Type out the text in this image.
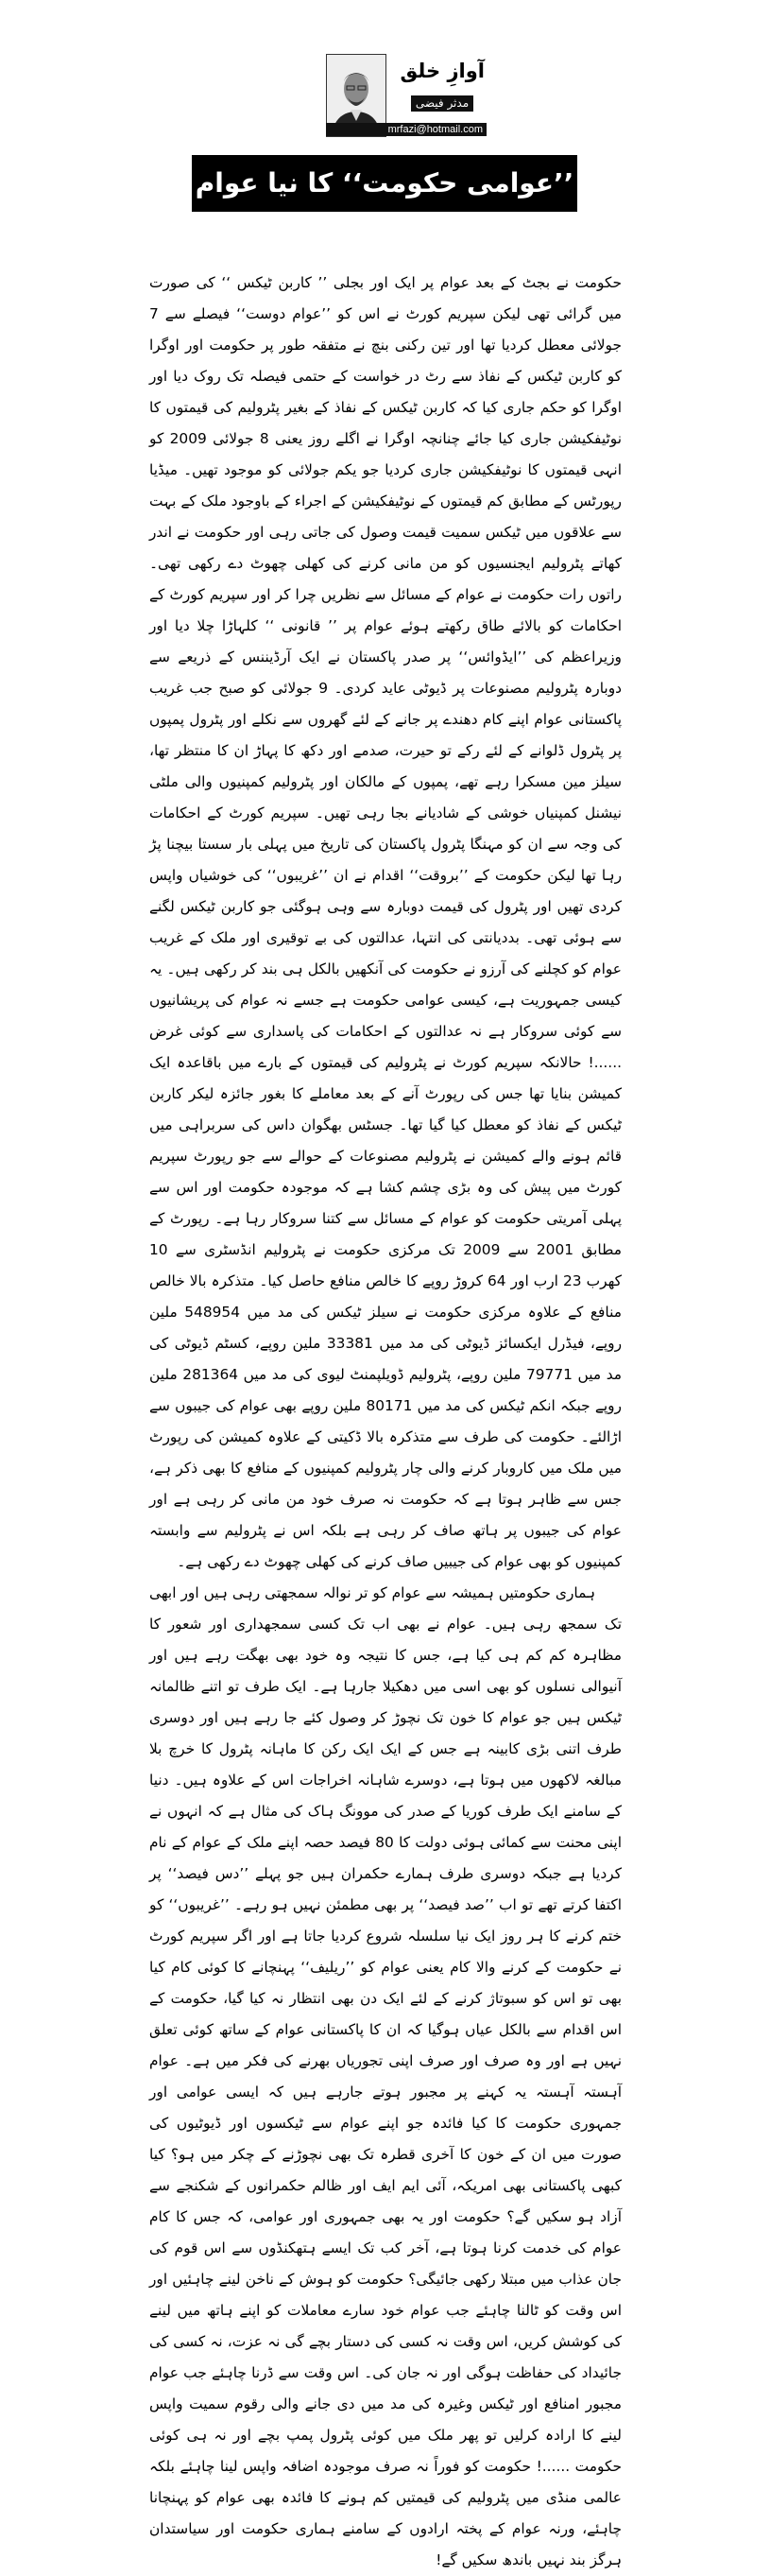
آوازِ خلق
مدثر فیضی
mrfazi@hotmail.com
’’عوامی حکومت‘‘ کا نیا عوام کُش اقدام!

حکومت نے بجٹ کے بعد عوام پر ایک اور بجلی ’’ کاربن ٹیکس ‘‘ کی صورت میں گرائی تھی لیکن سپریم کورٹ نے اس کو ’’عوام دوست‘‘ فیصلے سے 7 جولائی معطل کردیا تھا اور تین رکنی بنچ نے متفقہ طور پر حکومت اور اوگرا کو کاربن ٹیکس کے نفاذ سے رٹ در خواست کے حتمی فیصلہ تک روک دیا اور اوگرا کو حکم جاری کیا کہ کاربن ٹیکس کے نفاذ کے بغیر پٹرولیم کی قیمتوں کا نوٹیفکیشن جاری کیا جائے چنانچہ اوگرا نے اگلے روز یعنی 8 جولائی 2009 کو انہی قیمتوں کا نوٹیفکیشن جاری کردیا جو یکم جولائی کو موجود تھیں۔ میڈیا رپورٹس کے مطابق کم قیمتوں کے نوٹیفکیشن کے اجراء کے باوجود ملک کے بہت سے علاقوں میں ٹیکس سمیت قیمت وصول کی جاتی رہی اور حکومت نے اندر کھاتے پٹرولیم ایجنسیوں کو من مانی کرنے کی کھلی چھوٹ دے رکھی تھی۔ راتوں رات حکومت نے عوام کے مسائل سے نظریں چرا کر اور سپریم کورٹ کے احکامات کو بالائے طاق رکھتے ہوئے عوام پر ’’ قانونی ‘‘ کلہاڑا چلا دیا اور وزیراعظم کی ’’ایڈوائس‘‘ پر صدر پاکستان نے ایک آرڈیننس کے ذریعے سے دوبارہ پٹرولیم مصنوعات پر ڈیوٹی عاید کردی۔ 9 جولائی کو صبح جب غریب پاکستانی عوام اپنے کام دھندے پر جانے کے لئے گھروں سے نکلے اور پٹرول پمپوں پر پٹرول ڈلوانے کے لئے رکے تو حیرت، صدمے اور دکھ کا پہاڑ ان کا منتظر تھا، سیلز مین مسکرا رہے تھے، پمپوں کے مالکان اور پٹرولیم کمپنیوں والی ملٹی نیشنل کمپنیاں خوشی کے شادیانے بجا رہی تھیں۔ سپریم کورٹ کے احکامات کی وجہ سے ان کو مہنگا پٹرول پاکستان کی تاریخ میں پہلی بار سستا بیچنا پڑ رہا تھا لیکن حکومت کے ’’بروقت‘‘ اقدام نے ان ’’غریبوں‘‘ کی خوشیاں واپس کردی تھیں اور پٹرول کی قیمت دوبارہ سے وہی ہوگئی جو کاربن ٹیکس لگنے سے ہوئی تھی۔ بددیانتی کی انتہا، عدالتوں کی بے توقیری اور ملک کے غریب عوام کو کچلنے کی آرزو نے حکومت کی آنکھیں بالکل ہی بند کر رکھی ہیں۔ یہ کیسی جمہوریت ہے، کیسی عوامی حکومت ہے جسے نہ عوام کی پریشانیوں سے کوئی سروکار ہے نہ عدالتوں کے احکامات کی پاسداری سے کوئی غرض ......! حالانکہ سپریم کورٹ نے پٹرولیم کی قیمتوں کے بارے میں باقاعدہ ایک کمیشن بنایا تھا جس کی رپورٹ آنے کے بعد معاملے کا بغور جائزہ لیکر کاربن ٹیکس کے نفاذ کو معطل کیا گیا تھا۔ جسٹس بھگوان داس کی سربراہی میں قائم ہونے والے کمیشن نے پٹرولیم مصنوعات کے حوالے سے جو رپورٹ سپریم کورٹ میں پیش کی وہ بڑی چشم کشا ہے کہ موجودہ حکومت اور اس سے پہلی آمریتی حکومت کو عوام کے مسائل سے کتنا سروکار رہا ہے۔ رپورٹ کے مطابق 2001 سے 2009 تک مرکزی حکومت نے پٹرولیم انڈسٹری سے 10 کھرب 23 ارب اور 64 کروڑ روپے کا خالص منافع حاصل کیا۔ متذکرہ بالا خالص منافع کے علاوہ مرکزی حکومت نے سیلز ٹیکس کی مد میں 548954 ملین روپے، فیڈرل ایکسائز ڈیوٹی کی مد میں 33381 ملین روپے، کسٹم ڈیوٹی کی مد میں 79771 ملین روپے، پٹرولیم ڈویلپمنٹ لیوی کی مد میں 281364 ملین روپے جبکہ انکم ٹیکس کی مد میں 80171 ملین روپے بھی عوام کی جیبوں سے اڑالئے۔ حکومت کی طرف سے متذکرہ بالا ڈکیتی کے علاوہ کمیشن کی رپورٹ میں ملک میں کاروبار کرنے والی چار پٹرولیم کمپنیوں کے منافع کا بھی ذکر ہے، جس سے ظاہر ہوتا ہے کہ حکومت نہ صرف خود من مانی کر رہی ہے اور عوام کی جیبوں پر ہاتھ صاف کر رہی ہے بلکہ اس نے پٹرولیم سے وابستہ کمپنیوں کو بھی عوام کی جیبیں صاف کرنے کی کھلی چھوٹ دے رکھی ہے۔

ہماری حکومتیں ہمیشہ سے عوام کو تر نوالہ سمجھتی رہی ہیں اور ابھی تک سمجھ رہی ہیں۔ عوام نے بھی اب تک کسی سمجھداری اور شعور کا مظاہرہ کم کم ہی کیا ہے، جس کا نتیجہ وہ خود بھی بھگت رہے ہیں اور آنیوالی نسلوں کو بھی اسی میں دھکیلا جارہا ہے۔ ایک طرف تو اتنے ظالمانہ ٹیکس ہیں جو عوام کا خون تک نچوڑ کر وصول کئے جا رہے ہیں اور دوسری طرف اتنی بڑی کابینہ ہے جس کے ایک ایک رکن کا ماہانہ پٹرول کا خرچ بلا مبالغہ لاکھوں میں ہوتا ہے، دوسرے شاہانہ اخراجات اس کے علاوہ ہیں۔ دنیا کے سامنے ایک طرف کوریا کے صدر کی موونگ ہاک کی مثال ہے کہ انہوں نے اپنی محنت سے کمائی ہوئی دولت کا 80 فیصد حصہ اپنے ملک کے عوام کے نام کردیا ہے جبکہ دوسری طرف ہمارے حکمران ہیں جو پہلے ’’دس فیصد‘‘ پر اکتفا کرتے تھے تو اب ’’صد فیصد‘‘ پر بھی مطمئن نہیں ہو رہے۔ ’’غریبوں‘‘ کو ختم کرنے کا ہر روز ایک نیا سلسلہ شروع کردیا جاتا ہے اور اگر سپریم کورٹ نے حکومت کے کرنے والا کام یعنی عوام کو ’’ریلیف‘‘ پہنچانے کا کوئی کام کیا بھی تو اس کو سبوتاژ کرنے کے لئے ایک دن بھی انتظار نہ کیا گیا، حکومت کے اس اقدام سے بالکل عیاں ہوگیا کہ ان کا پاکستانی عوام کے ساتھ کوئی تعلق نہیں ہے اور وہ صرف اور صرف اپنی تجوریاں بھرنے کی فکر میں ہے۔ عوام آہستہ آہستہ یہ کہنے پر مجبور ہوتے جارہے ہیں کہ ایسی عوامی اور جمہوری حکومت کا کیا فائدہ جو اپنے عوام سے ٹیکسوں اور ڈیوٹیوں کی صورت میں ان کے خون کا آخری قطرہ تک بھی نچوڑنے کے چکر میں ہو؟ کیا کبھی پاکستانی بھی امریکہ، آئی ایم ایف اور ظالم حکمرانوں کے شکنجے سے آزاد ہو سکیں گے؟ حکومت اور یہ بھی جمہوری اور عوامی، کہ جس کا کام عوام کی خدمت کرنا ہوتا ہے، آخر کب تک ایسے ہتھکنڈوں سے اس قوم کی جان عذاب میں مبتلا رکھی جائیگی؟ حکومت کو ہوش کے ناخن لینے چاہئیں اور اس وقت کو ٹالنا چاہئے جب عوام خود سارے معاملات کو اپنے ہاتھ میں لینے کی کوشش کریں، اس وقت نہ کسی کی دستار بچے گی نہ عزت، نہ کسی کی جائیداد کی حفاظت ہوگی اور نہ جان کی۔ اس وقت سے ڈرنا چاہئے جب عوام مجبور امنافع اور ٹیکس وغیرہ کی مد میں دی جانے والی رقوم سمیت واپس لینے کا ارادہ کرلیں تو پھر ملک میں کوئی پٹرول پمپ بچے اور نہ ہی کوئی حکومت ......! حکومت کو فوراً نہ صرف موجودہ اضافہ واپس لینا چاہئے بلکہ عالمی منڈی میں پٹرولیم کی قیمتیں کم ہونے کا فائدہ بھی عوام کو پہنچانا چاہئے، ورنہ عوام کے پختہ ارادوں کے سامنے ہماری حکومت اور سیاستدان ہرگز بند نہیں باندھ سکیں گے!
